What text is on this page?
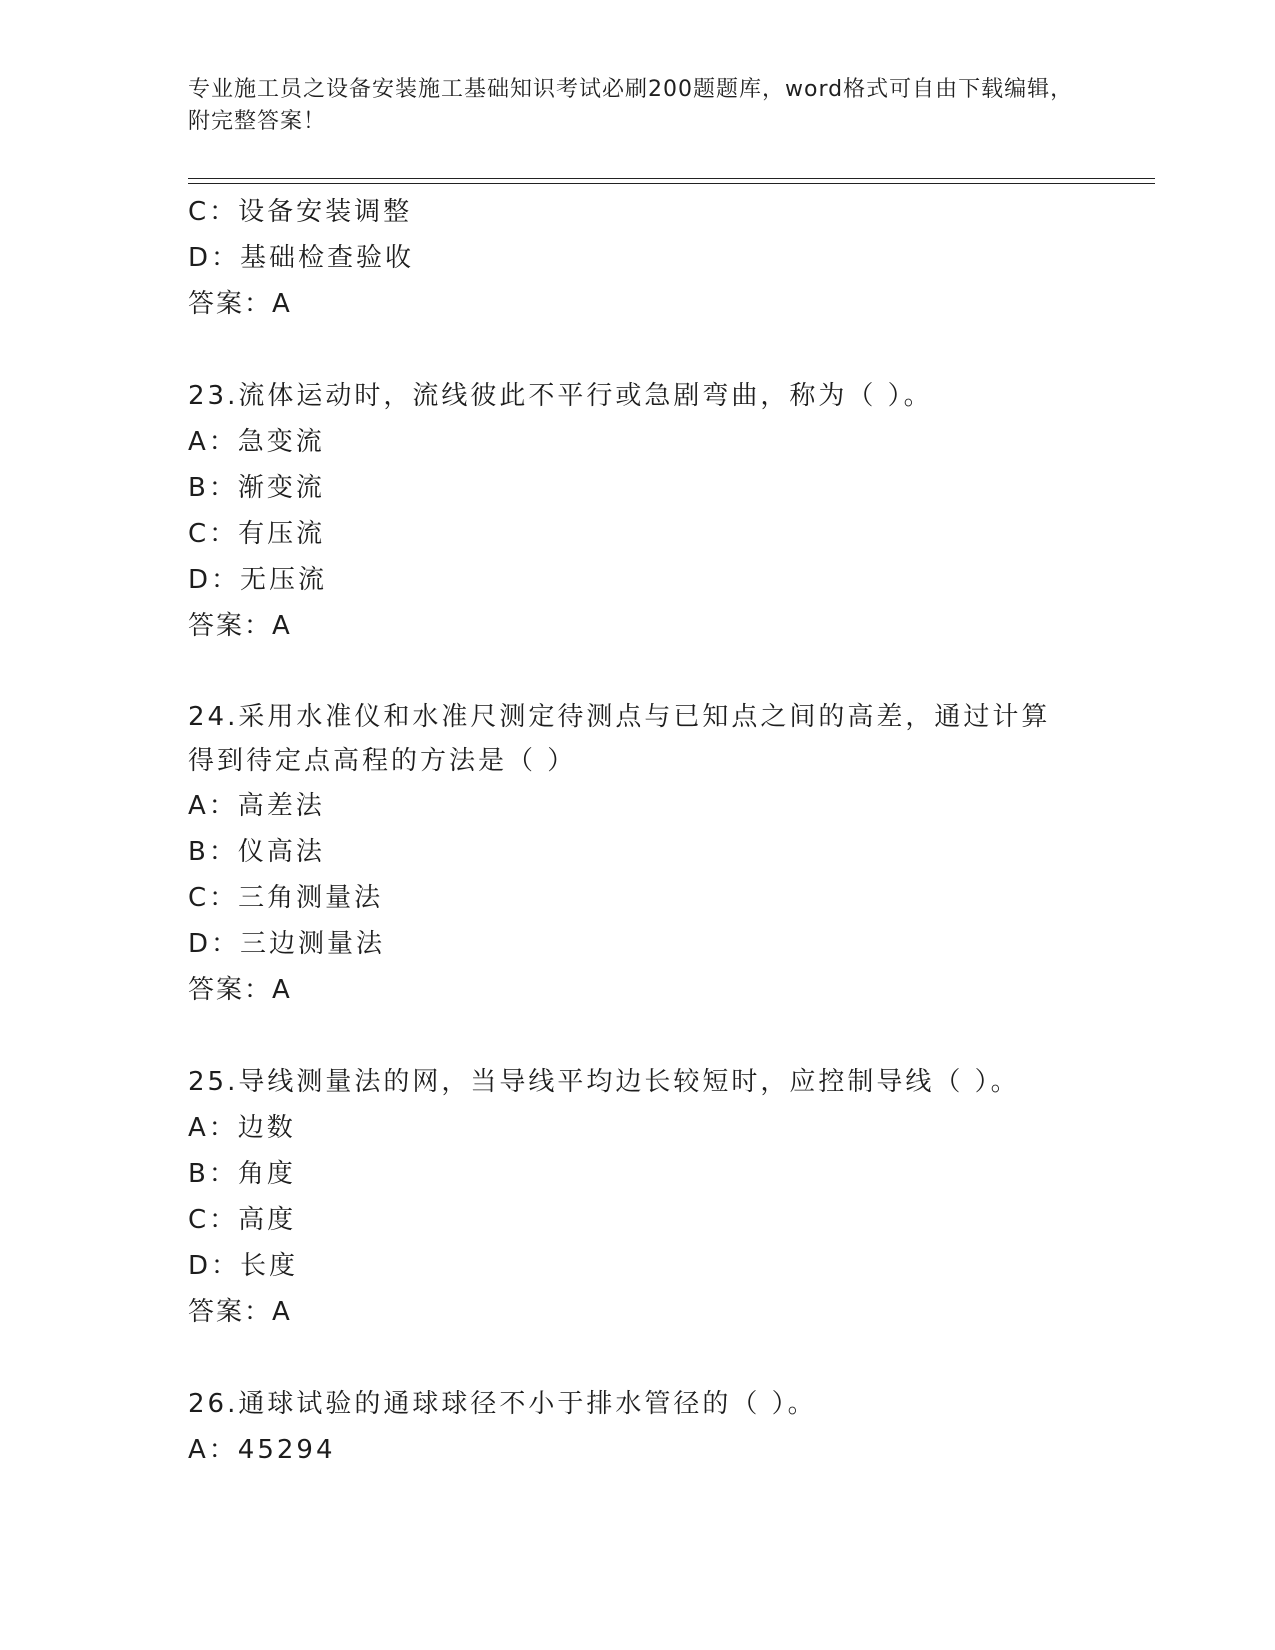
专业施工员之设备安装施工基础知识考试必刷200题题库，word格式可自由下载编辑，附完整答案！
C：设备安装调整
D：基础检查验收
答案：A
23.流体运动时，流线彼此不平行或急剧弯曲，称为（ ）。
A：急变流
B：渐变流
C：有压流
D：无压流
答案：A
24.采用水准仪和水准尺测定待测点与已知点之间的高差，通过计算得到待定点高程的方法是（ ）
A：高差法
B：仪高法
C：三角测量法
D：三边测量法
答案：A
25.导线测量法的网，当导线平均边长较短时，应控制导线（ ）。
A：边数
B：角度
C：高度
D：长度
答案：A
26.通球试验的通球球径不小于排水管径的（ ）。
A：45294
